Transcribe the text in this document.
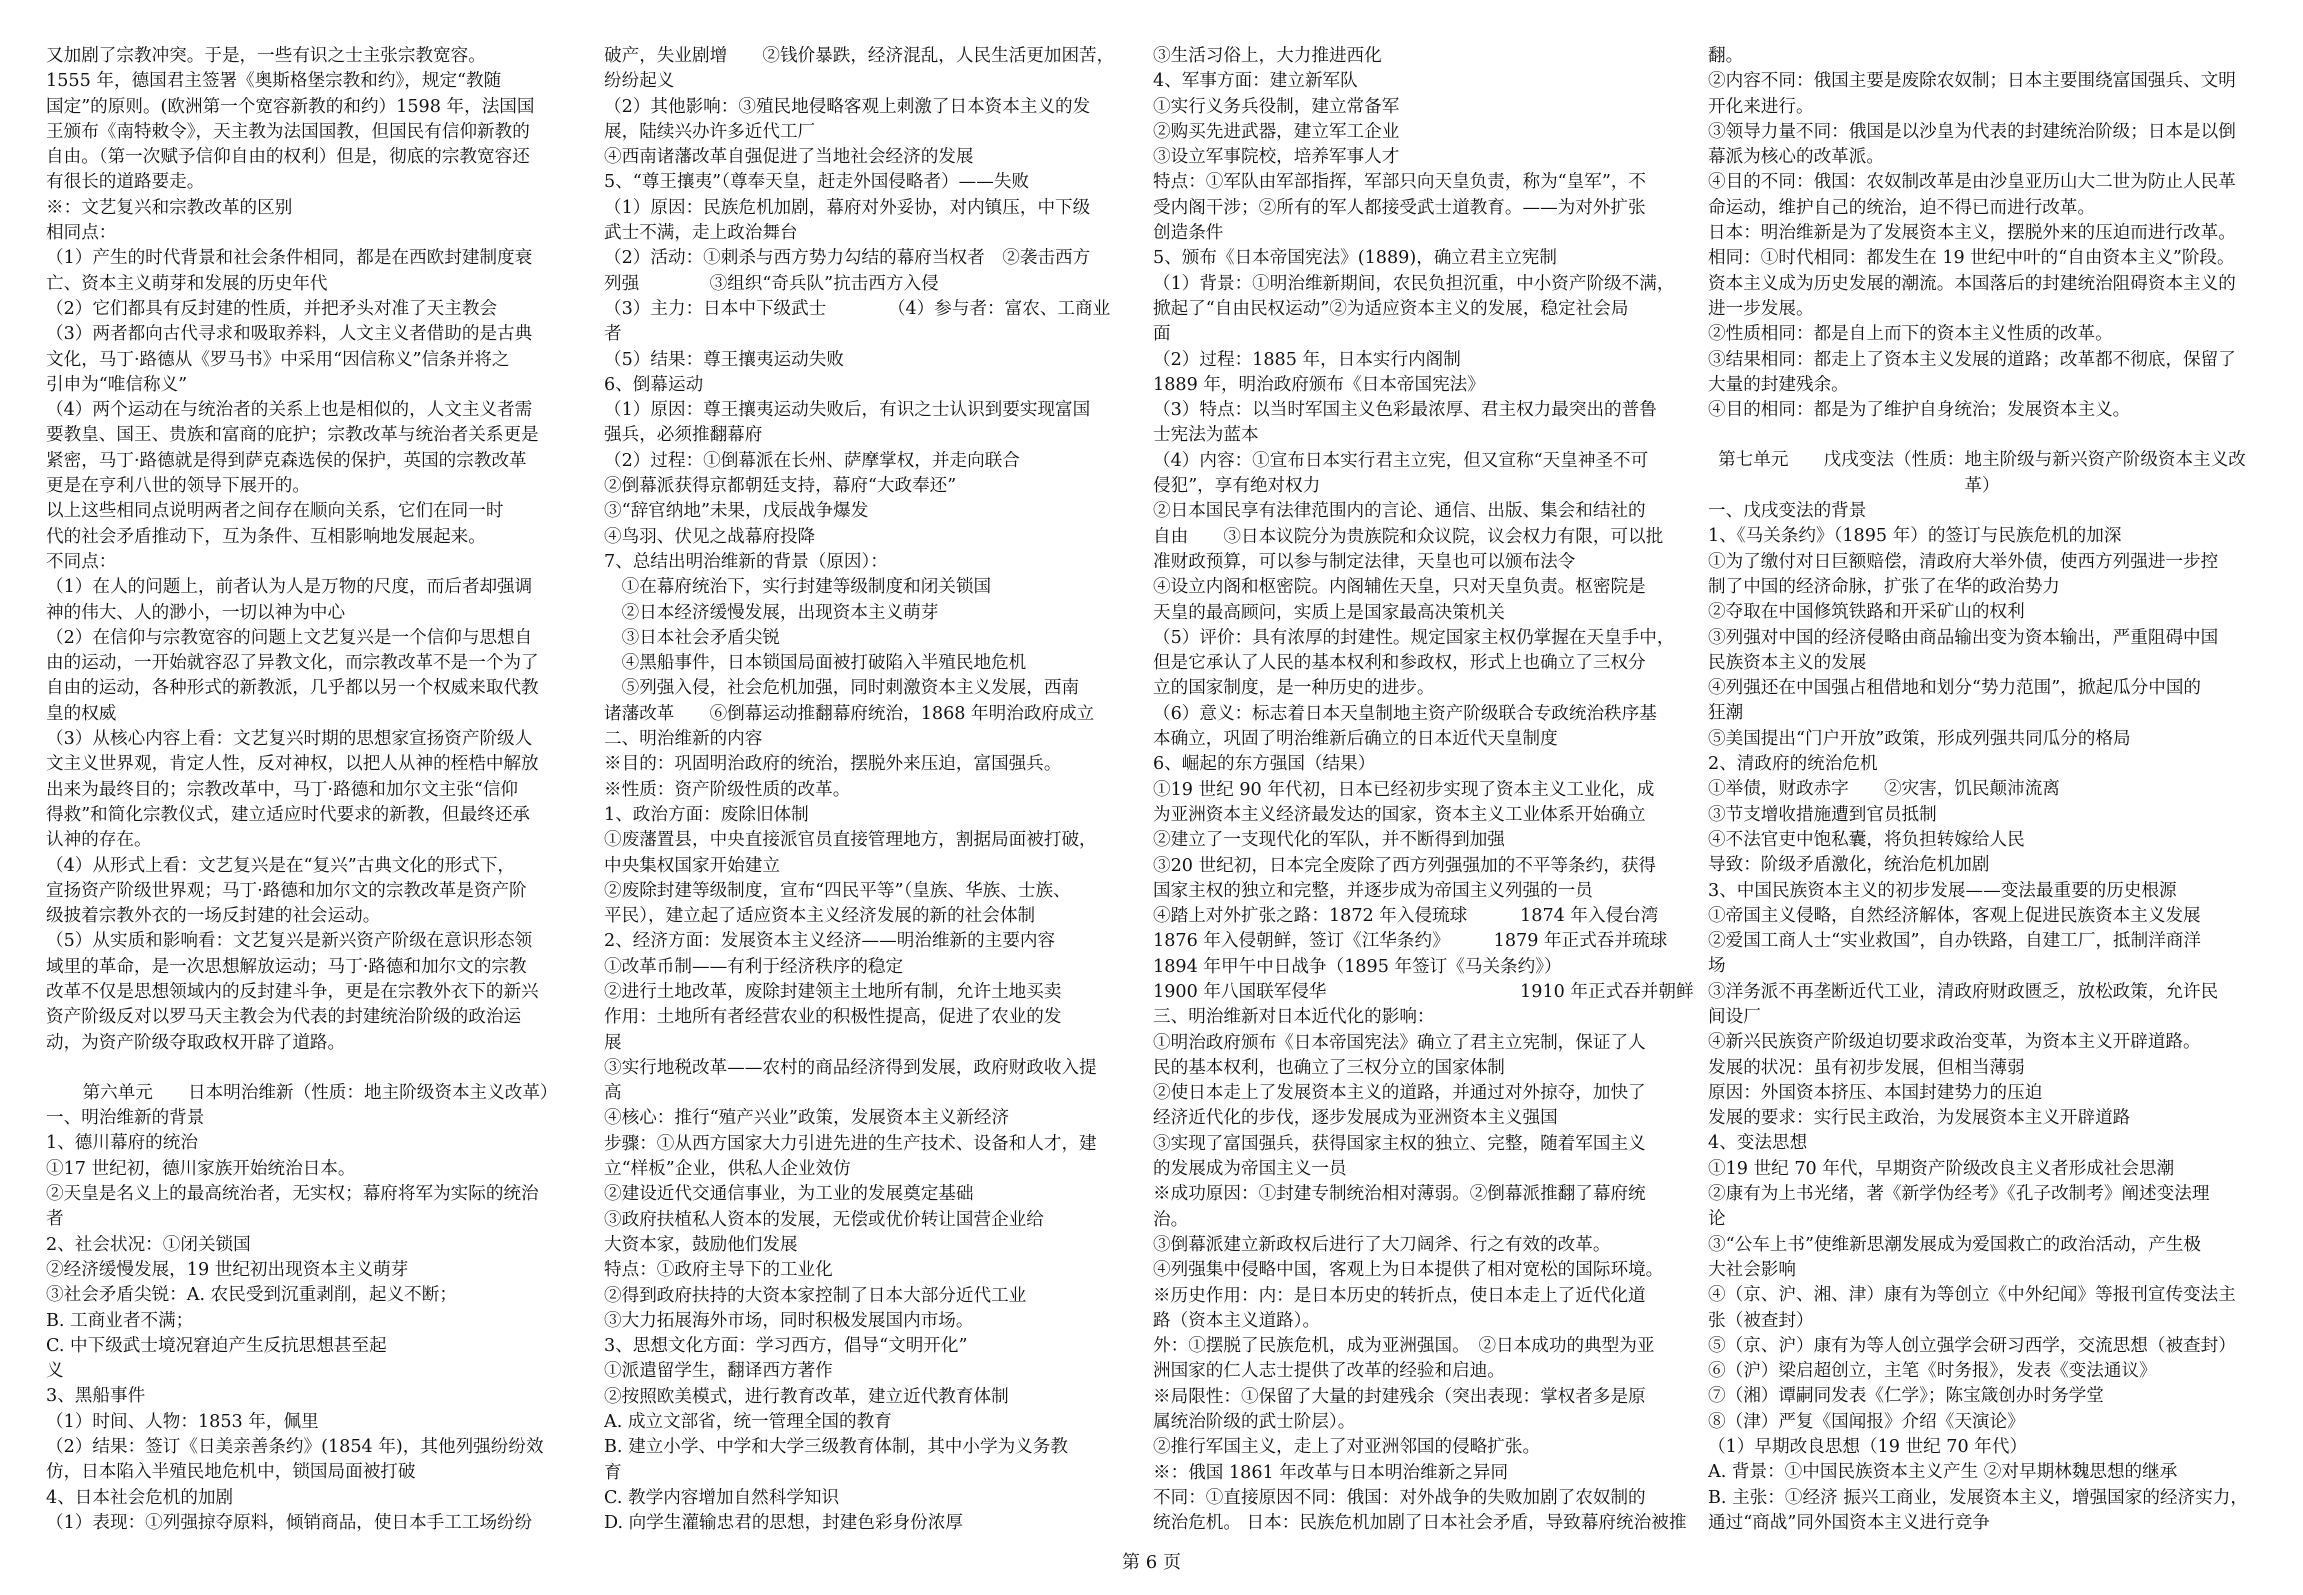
又加剧了宗教冲突。于是，一些有识之士主张宗教宽容。
1555 年，德国君主签署《奥斯格堡宗教和约》，规定“教随
国定”的原则。(欧洲第一个宽容新教的和约）1598 年，法国国
王颁布《南特敕令》，天主教为法国国教，但国民有信仰新教的
自由。（第一次赋予信仰自由的权利）但是，彻底的宗教宽容还
有很长的道路要走。
※：文艺复兴和宗教改革的区别
相同点：
（1）产生的时代背景和社会条件相同，都是在西欧封建制度衰
亡、资本主义萌芽和发展的历史年代
（2）它们都具有反封建的性质，并把矛头对准了天主教会
（3）两者都向古代寻求和吸取养料，人文主义者借助的是古典
文化，马丁·路德从《罗马书》中采用“因信称义”信条并将之
引申为“唯信称义”
（4）两个运动在与统治者的关系上也是相似的，人文主义者需
要教皇、国王、贵族和富商的庇护；宗教改革与统治者关系更是
紧密，马丁·路德就是得到萨克森选侯的保护，英国的宗教改革
更是在亨利八世的领导下展开的。
以上这些相同点说明两者之间存在顺向关系，它们在同一时
代的社会矛盾推动下，互为条件、互相影响地发展起来。
不同点：
（1）在人的问题上，前者认为人是万物的尺度，而后者却强调
神的伟大、人的渺小，一切以神为中心
（2）在信仰与宗教宽容的问题上文艺复兴是一个信仰与思想自
由的运动，一开始就容忍了异教文化，而宗教改革不是一个为了
自由的运动，各种形式的新教派，几乎都以另一个权威来取代教
皇的权威
（3）从核心内容上看：文艺复兴时期的思想家宣扬资产阶级人
文主义世界观，肯定人性，反对神权，以把人从神的桎梏中解放
出来为最终目的；宗教改革中，马丁·路德和加尔文主张“信仰
得救”和简化宗教仪式，建立适应时代要求的新教，但最终还承
认神的存在。
（4）从形式上看：文艺复兴是在“复兴”古典文化的形式下，
宣扬资产阶级世界观；马丁·路德和加尔文的宗教改革是资产阶
级披着宗教外衣的一场反封建的社会运动。
（5）从实质和影响看：文艺复兴是新兴资产阶级在意识形态领
域里的革命，是一次思想解放运动；马丁·路德和加尔文的宗教
改革不仅是思想领域内的反封建斗争，更是在宗教外衣下的新兴
资产阶级反对以罗马天主教会为代表的封建统治阶级的政治运
动，为资产阶级夺取政权开辟了道路。
第六单元　　日本明治维新（性质：地主阶级资本主义改革）
一、明治维新的背景
1、德川幕府的统治
①17 世纪初，德川家族开始统治日本。
②天皇是名义上的最高统治者，无实权；幕府将军为实际的统治
者
2、社会状况：①闭关锁国
②经济缓慢发展，19 世纪初出现资本主义萌芽
③社会矛盾尖锐：A. 农民受到沉重剥削，起义不断；
B. 工商业者不满；
C. 中下级武士境况窘迫产生反抗思想甚至起
义
3、黑船事件
（1）时间、人物：1853 年，佩里
（2）结果：签订《日美亲善条约》(1854 年)，其他列强纷纷效
仿，日本陷入半殖民地危机中，锁国局面被打破
4、日本社会危机的加剧
（1）表现：①列强掠夺原料，倾销商品，使日本手工工场纷纷
破产，失业剧增　　②钱价暴跌，经济混乱，人民生活更加困苦，
纷纷起义
（2）其他影响：③殖民地侵略客观上刺激了日本资本主义的发
展，陆续兴办许多近代工厂
④西南诸藩改革自强促进了当地社会经济的发展
5、“尊王攘夷”（尊奉天皇，赶走外国侵略者）——失败
（1）原因：民族危机加剧，幕府对外妥协，对内镇压，中下级
武士不满，走上政治舞台
（2）活动：①刺杀与西方势力勾结的幕府当权者　②袭击西方
列强　　　　③组织“奇兵队”抗击西方入侵
（3）主力：日本中下级武士　　　　（4）参与者：富农、工商业
者
（5）结果：尊王攘夷运动失败
6、倒幕运动
（1）原因：尊王攘夷运动失败后，有识之士认识到要实现富国
强兵，必须推翻幕府
（2）过程：①倒幕派在长州、萨摩掌权，并走向联合
②倒幕派获得京都朝廷支持，幕府“大政奉还”
③“辞官纳地”未果，戊辰战争爆发
④鸟羽、伏见之战幕府投降
7、总结出明治维新的背景（原因）：
　①在幕府统治下，实行封建等级制度和闭关锁国
　②日本经济缓慢发展，出现资本主义萌芽
　③日本社会矛盾尖锐
　④黑船事件，日本锁国局面被打破陷入半殖民地危机
　⑤列强入侵，社会危机加强，同时刺激资本主义发展，西南
诸藩改革　　⑥倒幕运动推翻幕府统治，1868 年明治政府成立
二、明治维新的内容
※目的：巩固明治政府的统治，摆脱外来压迫，富国强兵。
※性质：资产阶级性质的改革。
1、政治方面：废除旧体制
①废藩置县，中央直接派官员直接管理地方，割据局面被打破，
中央集权国家开始建立
②废除封建等级制度，宣布“四民平等”（皇族、华族、士族、
平民），建立起了适应资本主义经济发展的新的社会体制
2、经济方面：发展资本主义经济——明治维新的主要内容
①改革币制——有利于经济秩序的稳定
②进行土地改革，废除封建领主土地所有制，允许土地买卖
作用：土地所有者经营农业的积极性提高，促进了农业的发
展
③实行地税改革——农村的商品经济得到发展，政府财政收入提
高
④核心：推行“殖产兴业”政策，发展资本主义新经济
步骤：①从西方国家大力引进先进的生产技术、设备和人才，建
立“样板”企业，供私人企业效仿
②建设近代交通信事业，为工业的发展奠定基础
③政府扶植私人资本的发展，无偿或优价转让国营企业给
大资本家，鼓励他们发展
特点：①政府主导下的工业化
②得到政府扶持的大资本家控制了日本大部分近代工业
③大力拓展海外市场，同时积极发展国内市场。
3、思想文化方面：学习西方，倡导“文明开化”
①派遣留学生，翻译西方著作
②按照欧美模式，进行教育改革，建立近代教育体制
A. 成立文部省，统一管理全国的教育
B. 建立小学、中学和大学三级教育体制，其中小学为义务教
育
C. 教学内容增加自然科学知识
D. 向学生灌输忠君的思想，封建色彩身份浓厚
③生活习俗上，大力推进西化
4、军事方面：建立新军队
①实行义务兵役制，建立常备军
②购买先进武器，建立军工企业
③设立军事院校，培养军事人才
特点：①军队由军部指挥，军部只向天皇负责，称为“皇军”，不
受内阁干涉；②所有的军人都接受武士道教育。——为对外扩张
创造条件
5、颁布《日本帝国宪法》(1889)，确立君主立宪制
（1）背景：①明治维新期间，农民负担沉重，中小资产阶级不满，
掀起了“自由民权运动”②为适应资本主义的发展，稳定社会局
面
（2）过程：1885 年，日本实行内阁制
1889 年，明治政府颁布《日本帝国宪法》
（3）特点：以当时军国主义色彩最浓厚、君主权力最突出的普鲁
士宪法为蓝本
（4）内容：①宣布日本实行君主立宪，但又宣称“天皇神圣不可
侵犯”，享有绝对权力
②日本国民享有法律范围内的言论、通信、出版、集会和结社的
自由　　③日本议院分为贵族院和众议院，议会权力有限，可以批
准财政预算，可以参与制定法律，天皇也可以颁布法令
④设立内阁和枢密院。内阁辅佐天皇，只对天皇负责。枢密院是
天皇的最高顾问，实质上是国家最高决策机关
（5）评价：具有浓厚的封建性。规定国家主权仍掌握在天皇手中，
但是它承认了人民的基本权利和参政权，形式上也确立了三权分
立的国家制度，是一种历史的进步。
（6）意义：标志着日本天皇制地主资产阶级联合专政统治秩序基
本确立，巩固了明治维新后确立的日本近代天皇制度
6、崛起的东方强国（结果）
①19 世纪 90 年代初，日本已经初步实现了资本主义工业化，成
为亚洲资本主义经济最发达的国家，资本主义工业体系开始确立
②建立了一支现代化的军队，并不断得到加强
③20 世纪初，日本完全废除了西方列强强加的不平等条约，获得
国家主权的独立和完整，并逐步成为帝国主义列强的一员
④踏上对外扩张之路：1872 年入侵琉球　　　1874 年入侵台湾
1876 年入侵朝鲜，签订《江华条约》　　　1879 年正式吞并琉球
1894 年甲午中日战争（1895 年签订《马关条约》）
1900 年八国联军侵华　　　　　　　　　　　1910 年正式吞并朝鲜
三、明治维新对日本近代化的影响：
①明治政府颁布《日本帝国宪法》确立了君主立宪制，保证了人
民的基本权利，也确立了三权分立的国家体制
②使日本走上了发展资本主义的道路，并通过对外掠夺，加快了
经济近代化的步伐，逐步发展成为亚洲资本主义强国
③实现了富国强兵，获得国家主权的独立、完整，随着军国主义
的发展成为帝国主义一员
※成功原因：①封建专制统治相对薄弱。②倒幕派推翻了幕府统
治。
③倒幕派建立新政权后进行了大刀阔斧、行之有效的改革。
④列强集中侵略中国，客观上为日本提供了相对宽松的国际环境。
※历史作用：内：是日本历史的转折点，使日本走上了近代化道
路（资本主义道路）。
外：①摆脱了民族危机，成为亚洲强国。　②日本成功的典型为亚
洲国家的仁人志士提供了改革的经验和启迪。
※局限性：①保留了大量的封建残余（突出表现：掌权者多是原
属统治阶级的武士阶层）。
②推行军国主义，走上了对亚洲邻国的侵略扩张。
※：俄国 1861 年改革与日本明治维新之异同
不同：①直接原因不同：俄国：对外战争的失败加剧了农奴制的
统治危机。 日本：民族危机加剧了日本社会矛盾，导致幕府统治被推
翻。
②内容不同：俄国主要是废除农奴制；日本主要围绕富国强兵、文明
开化来进行。
③领导力量不同：俄国是以沙皇为代表的封建统治阶级；日本是以倒
幕派为核心的改革派。
④目的不同：俄国：农奴制改革是由沙皇亚历山大二世为防止人民革
命运动，维护自己的统治，迫不得已而进行改革。
日本：明治维新是为了发展资本主义，摆脱外来的压迫而进行改革。
相同：①时代相同：都发生在 19 世纪中叶的“自由资本主义”阶段。
资本主义成为历史发展的潮流。本国落后的封建统治阻碍资本主义的
进一步发展。
②性质相同：都是自上而下的资本主义性质的改革。
③结果相同：都走上了资本主义发展的道路；改革都不彻底，保留了
大量的封建残余。
④目的相同：都是为了维护自身统治；发展资本主义。
第七单元　　戊戌变法（性质：地主阶级与新兴资产阶级资本主义改革）
一、戊戌变法的背景
1、《马关条约》（1895 年）的签订与民族危机的加深
①为了缴付对日巨额赔偿，清政府大举外债，使西方列强进一步控
制了中国的经济命脉，扩张了在华的政治势力
②夺取在中国修筑铁路和开采矿山的权利
③列强对中国的经济侵略由商品输出变为资本输出，严重阻碍中国
民族资本主义的发展
④列强还在中国强占租借地和划分“势力范围”，掀起瓜分中国的
狂潮
⑤美国提出“门户开放”政策，形成列强共同瓜分的格局
2、清政府的统治危机
①举债，财政赤字　　②灾害，饥民颠沛流离
③节支增收措施遭到官员抵制
④不法官吏中饱私囊，将负担转嫁给人民
导致：阶级矛盾激化，统治危机加剧
3、中国民族资本主义的初步发展——变法最重要的历史根源
①帝国主义侵略，自然经济解体，客观上促进民族资本主义发展
②爱国工商人士“实业救国”，自办铁路，自建工厂，抵制洋商洋
场
③洋务派不再垄断近代工业，清政府财政匮乏，放松政策，允许民
间设厂
④新兴民族资产阶级迫切要求政治变革，为资本主义开辟道路。
发展的状况：虽有初步发展，但相当薄弱
原因：外国资本挤压、本国封建势力的压迫
发展的要求：实行民主政治，为发展资本主义开辟道路
4、变法思想
①19 世纪 70 年代，早期资产阶级改良主义者形成社会思潮
②康有为上书光绪，著《新学伪经考》《孔子改制考》阐述变法理
论
③“公车上书”使维新思潮发展成为爱国救亡的政治活动，产生极
大社会影响
④（京、沪、湘、津）康有为等创立《中外纪闻》等报刊宣传变法主
张（被查封）
⑤（京、沪）康有为等人创立强学会研习西学，交流思想（被查封）
⑥（沪）梁启超创立，主笔《时务报》，发表《变法通议》
⑦（湘）谭嗣同发表《仁学》；陈宝箴创办时务学堂
⑧（津）严复《国闻报》介绍《天演论》
（1）早期改良思想（19 世纪 70 年代）
A. 背景：①中国民族资本主义产生 ②对早期林魏思想的继承
B. 主张：①经济 振兴工商业，发展资本主义，增强国家的经济实力，
通过“商战”同外国资本主义进行竞争
第 6 页
